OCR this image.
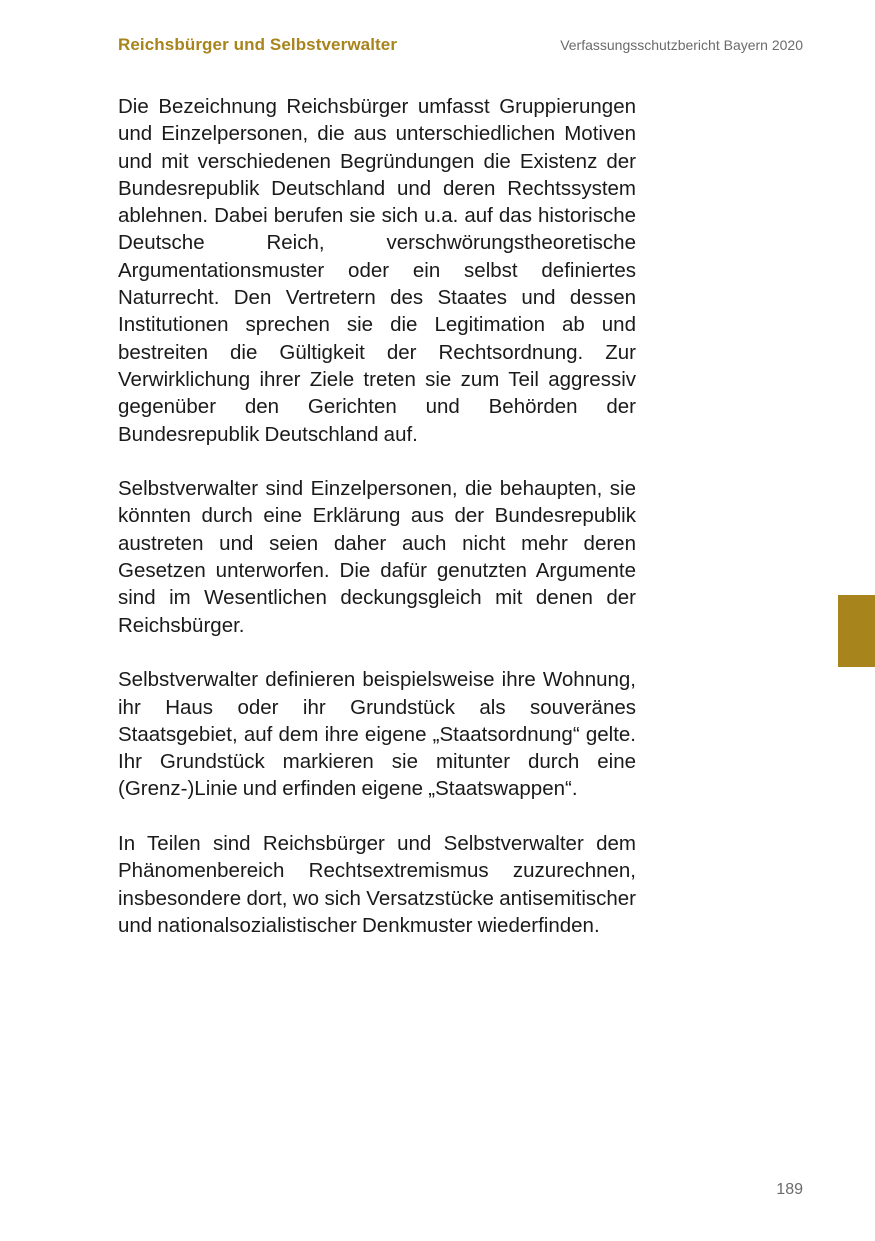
Reichsbürger und Selbstverwalter	Verfassungsschutzbericht Bayern 2020

Die Bezeichnung Reichsbürger umfasst Gruppierungen und Einzelpersonen, die aus unterschiedlichen Motiven und mit verschiedenen Begründungen die Existenz der Bundesrepublik Deutschland und deren Rechtssystem ablehnen. Dabei berufen sie sich u.a. auf das historische Deutsche Reich, verschwörungstheoretische Argumentationsmuster oder ein selbst definiertes Naturrecht. Den Vertretern des Staates und dessen Institutionen sprechen sie die Legitimation ab und bestreiten die Gültigkeit der Rechtsordnung. Zur Verwirklichung ihrer Ziele treten sie zum Teil aggressiv gegenüber den Gerichten und Behörden der Bundesrepublik Deutschland auf.

Selbstverwalter sind Einzelpersonen, die behaupten, sie könnten durch eine Erklärung aus der Bundesrepublik austreten und seien daher auch nicht mehr deren Gesetzen unterworfen. Die dafür genutzten Argumente sind im Wesentlichen deckungsgleich mit denen der Reichsbürger.

Selbstverwalter definieren beispielsweise ihre Wohnung, ihr Haus oder ihr Grundstück als souveränes Staatsgebiet, auf dem ihre eigene „Staatsordnung“ gelte. Ihr Grundstück markieren sie mitunter durch eine (Grenz-)Linie und erfinden eigene „Staatswappen“.

In Teilen sind Reichsbürger und Selbstverwalter dem Phänomenbereich Rechtsextremismus zuzurechnen, insbesondere dort, wo sich Versatzstücke antisemitischer und nationalsozialistischer Denkmuster wiederfinden.

189
